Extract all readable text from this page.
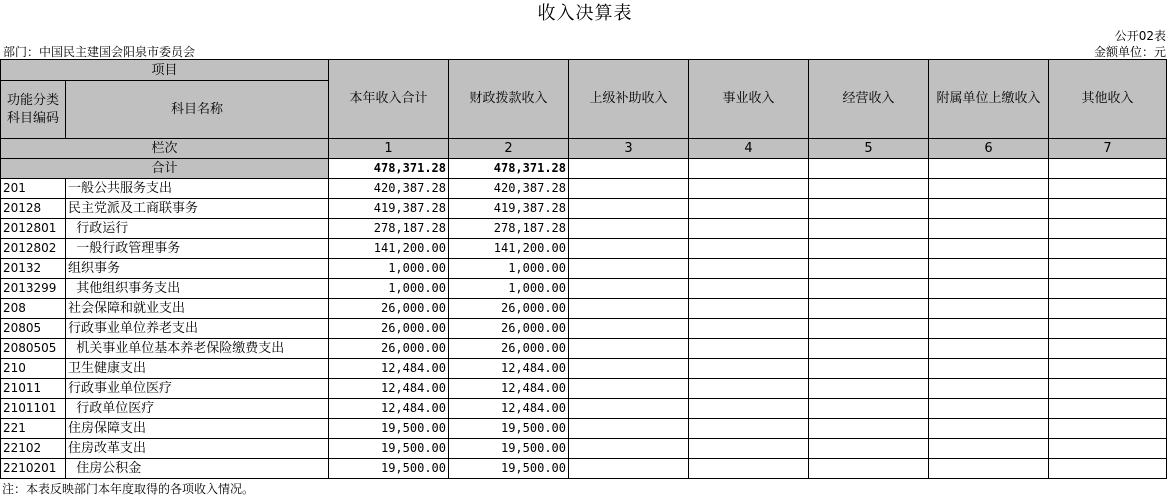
收入决算表
公开02表
部门：中国民主建国会阳泉市委员会	金额单位：元
项目		本年收入合计	财政拨款收入	上级补助收入	事业收入	经营收入	附属单位上缴收入	其他收入
功能分类科目编码	科目名称							
栏次		1	2	3	4	5	6	7
合计		478,371.28	478,371.28					
201	一般公共服务支出	420,387.28	420,387.28					
20128	民主党派及工商联事务	419,387.28	419,387.28					
2012801	行政运行	278,187.28	278,187.28					
2012802	一般行政管理事务	141,200.00	141,200.00					
20132	组织事务	1,000.00	1,000.00					
2013299	其他组织事务支出	1,000.00	1,000.00					
208	社会保障和就业支出	26,000.00	26,000.00					
20805	行政事业单位养老支出	26,000.00	26,000.00					
2080505	机关事业单位基本养老保险缴费支出	26,000.00	26,000.00					
210	卫生健康支出	12,484.00	12,484.00					
21011	行政事业单位医疗	12,484.00	12,484.00					
2101101	行政单位医疗	12,484.00	12,484.00					
221	住房保障支出	19,500.00	19,500.00					
22102	住房改革支出	19,500.00	19,500.00					
2210201	住房公积金	19,500.00	19,500.00					
注：本表反映部门本年度取得的各项收入情况。
